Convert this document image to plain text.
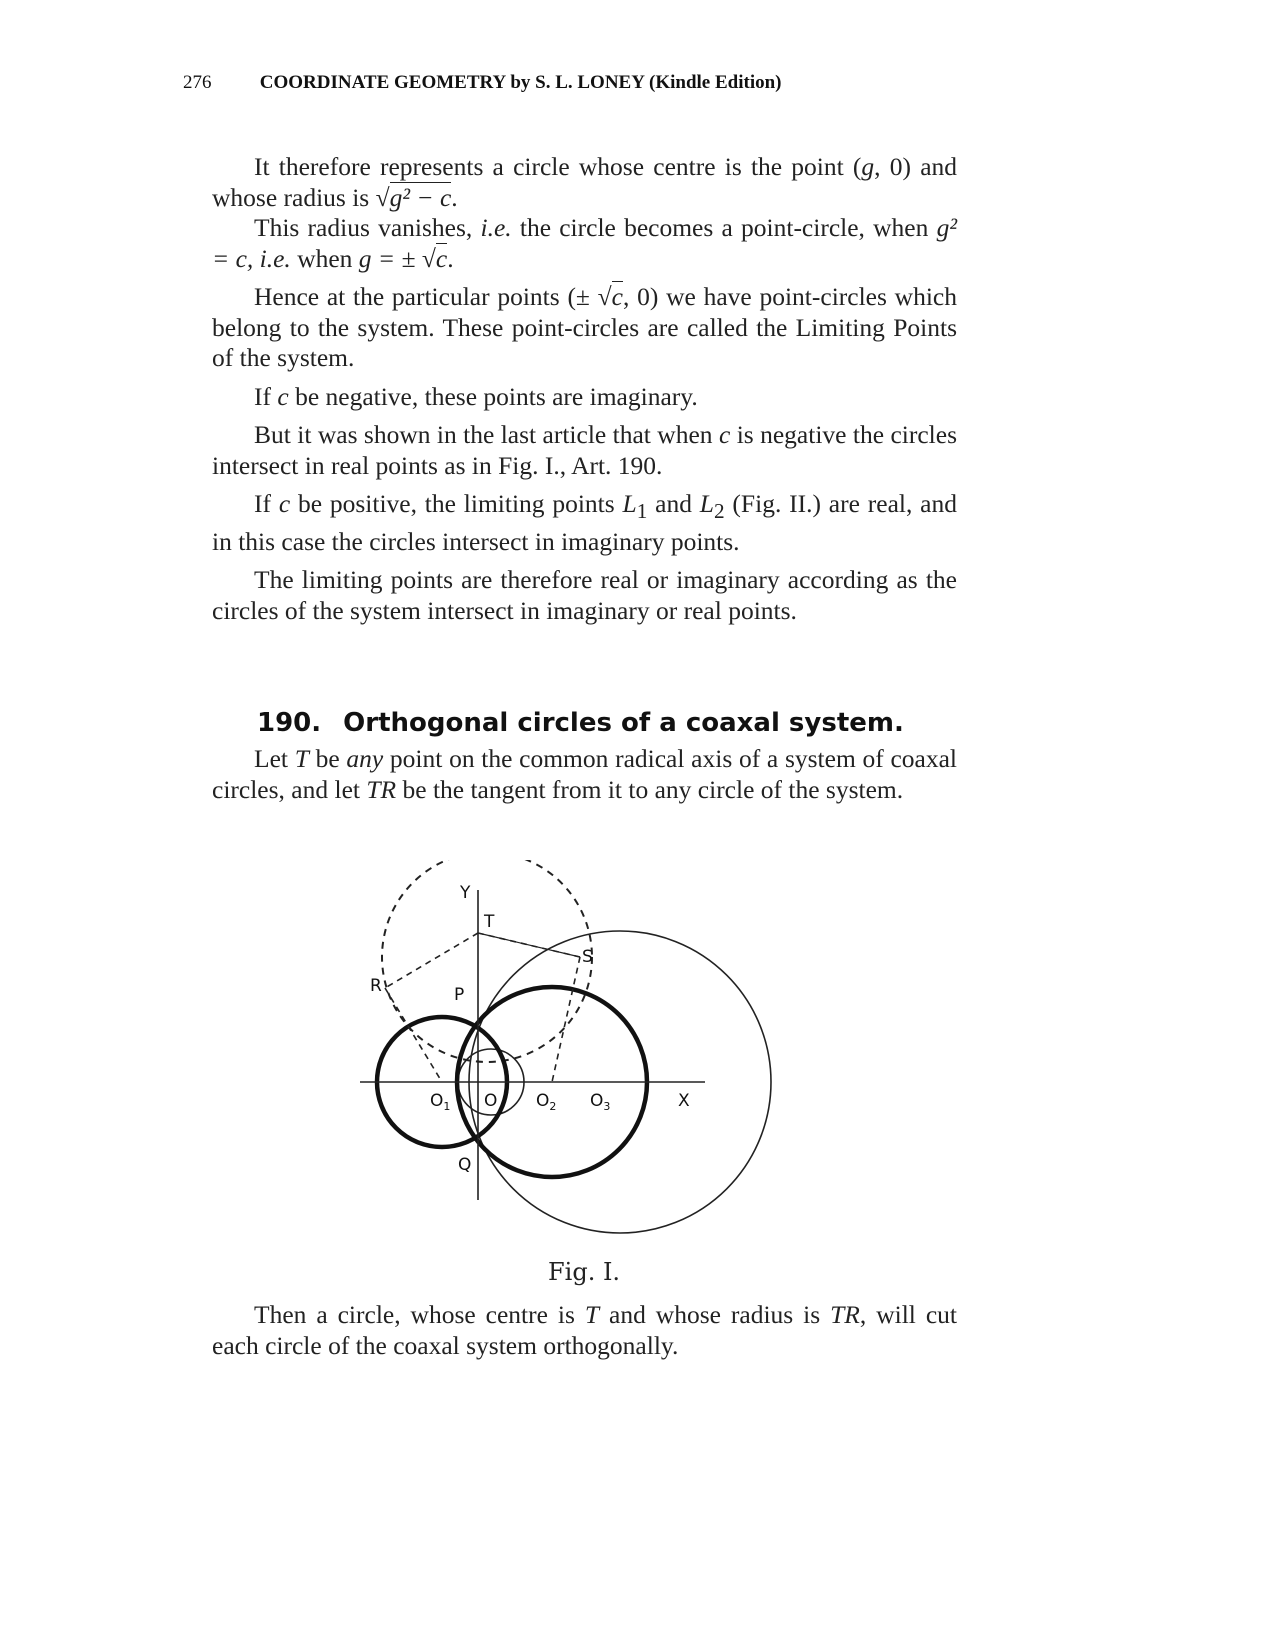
276	COORDINATE GEOMETRY by S. L. LONEY (Kindle Edition)

It therefore represents a circle whose centre is the point (g, 0) and whose radius is √g² − c.

This radius vanishes, i.e. the circle becomes a point-circle, when g² = c, i.e. when g = ± √c.

Hence at the particular points (± √c, 0) we have point-circles which belong to the system. These point-circles are called the Limiting Points of the system.

If c be negative, these points are imaginary.

But it was shown in the last article that when c is negative the circles intersect in real points as in Fig. I., Art. 190.

If c be positive, the limiting points $L_1$ and $L_2$ (Fig. II.) are real, and in this case the circles intersect in imaginary points.

The limiting points are therefore real or imaginary according as the circles of the system intersect in imaginary or real points.

190. Orthogonal circles of a coaxal system.

Let T be any point on the common radical axis of a system of coaxal circles, and let TR be the tangent from it to any circle of the system.

Y
T
S
R	P
$O_1$ O $O_2$ $O_3$	X
Q
Fig. I.

Then a circle, whose centre is T and whose radius is TR, will cut each circle of the coaxal system orthogonally.
